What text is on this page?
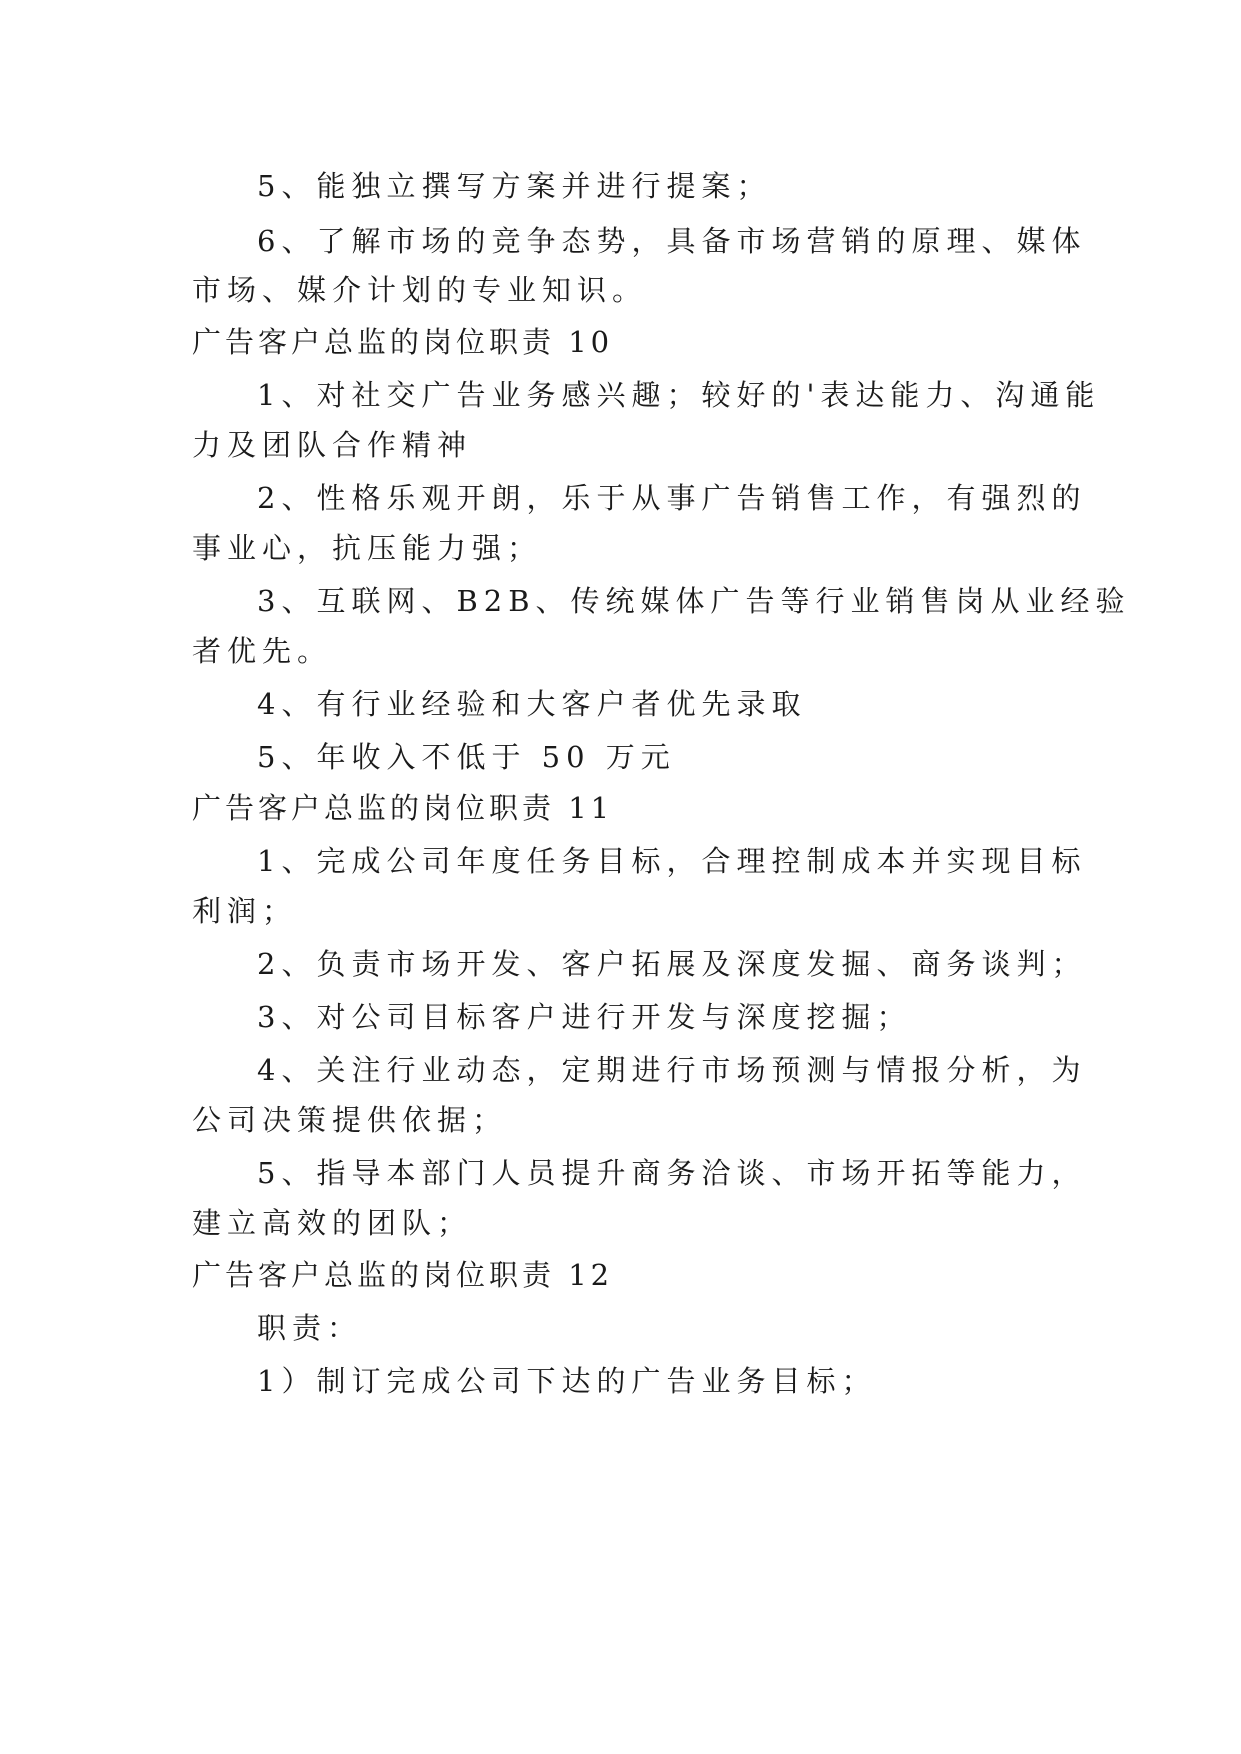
5、能独立撰写方案并进行提案；

6、了解市场的竞争态势，具备市场营销的原理、媒体

市场、媒介计划的专业知识。

广告客户总监的岗位职责 10

1、对社交广告业务感兴趣；较好的'表达能力、沟通能

力及团队合作精神

2、性格乐观开朗，乐于从事广告销售工作，有强烈的

事业心，抗压能力强；

3、互联网、B2B、传统媒体广告等行业销售岗从业经验

者优先。

4、有行业经验和大客户者优先录取

5、年收入不低于 50 万元

广告客户总监的岗位职责 11

1、完成公司年度任务目标，合理控制成本并实现目标

利润；

2、负责市场开发、客户拓展及深度发掘、商务谈判；

3、对公司目标客户进行开发与深度挖掘；

4、关注行业动态，定期进行市场预测与情报分析，为

公司决策提供依据；

5、指导本部门人员提升商务洽谈、市场开拓等能力，

建立高效的团队；

广告客户总监的岗位职责 12

职责：

1）制订完成公司下达的广告业务目标；
